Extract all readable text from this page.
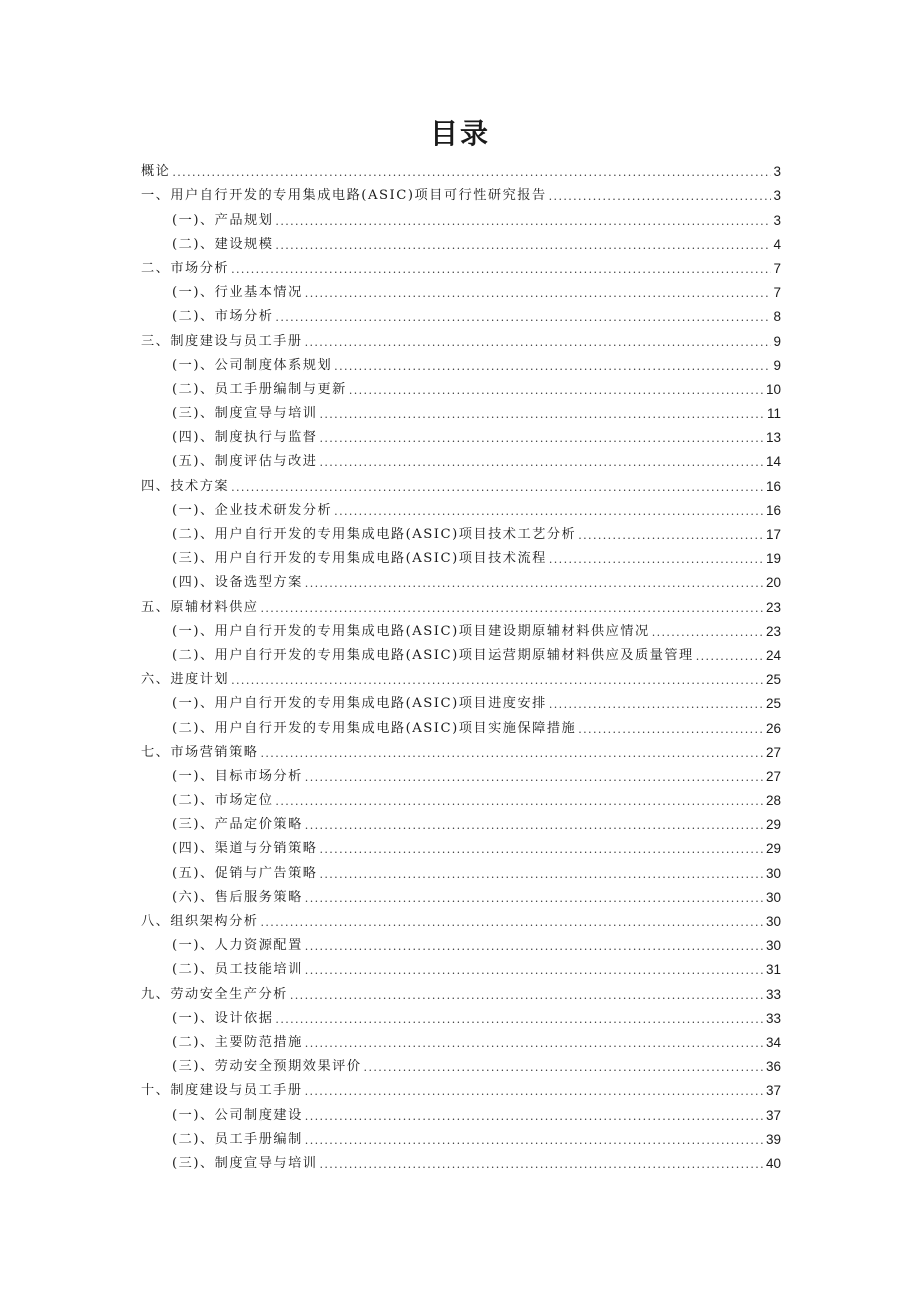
目录
概论 .....	3
一、用户自行开发的专用集成电路(ASIC)项目可行性研究报告 .....	3
(一)、产品规划 .....	3
(二)、建设规模 .....	4
二、市场分析 .....	7
(一)、行业基本情况 .....	7
(二)、市场分析 .....	8
三、制度建设与员工手册 .....	9
(一)、公司制度体系规划 .....	9
(二)、员工手册编制与更新 .....	10
(三)、制度宣导与培训 .....	11
(四)、制度执行与监督 .....	13
(五)、制度评估与改进 .....	14
四、技术方案 .....	16
(一)、企业技术研发分析 .....	16
(二)、用户自行开发的专用集成电路(ASIC)项目技术工艺分析 .....	17
(三)、用户自行开发的专用集成电路(ASIC)项目技术流程 .....	19
(四)、设备选型方案 .....	20
五、原辅材料供应 .....	23
(一)、用户自行开发的专用集成电路(ASIC)项目建设期原辅材料供应情况 .....	23
(二)、用户自行开发的专用集成电路(ASIC)项目运营期原辅材料供应及质量管理 .....	24
六、进度计划 .....	25
(一)、用户自行开发的专用集成电路(ASIC)项目进度安排 .....	25
(二)、用户自行开发的专用集成电路(ASIC)项目实施保障措施 .....	26
七、市场营销策略 .....	27
(一)、目标市场分析 .....	27
(二)、市场定位 .....	28
(三)、产品定价策略 .....	29
(四)、渠道与分销策略 .....	29
(五)、促销与广告策略 .....	30
(六)、售后服务策略 .....	30
八、组织架构分析 .....	30
(一)、人力资源配置 .....	30
(二)、员工技能培训 .....	31
九、劳动安全生产分析 .....	33
(一)、设计依据 .....	33
(二)、主要防范措施 .....	34
(三)、劳动安全预期效果评价 .....	36
十、制度建设与员工手册 .....	37
(一)、公司制度建设 .....	37
(二)、员工手册编制 .....	39
(三)、制度宣导与培训 .....	40
